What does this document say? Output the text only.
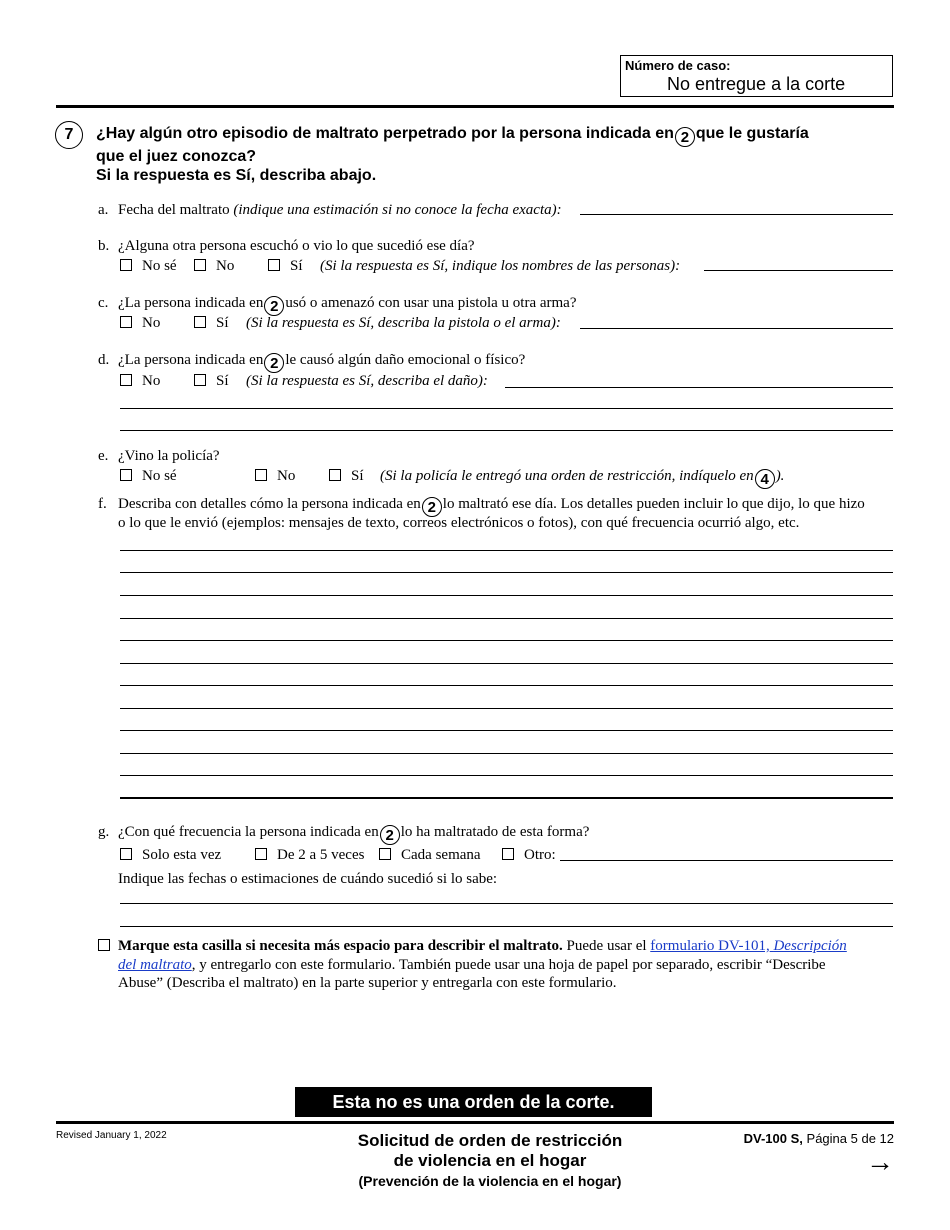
Número de caso:
No entregue a la corte
7	¿Hay algún otro episodio de maltrato perpetrado por la persona indicada en 2 que le gustaría
que el juez conozca?
Si la respuesta es Sí, describa abajo.
a. Fecha del maltrato (indique una estimación si no conoce la fecha exacta):
b. ¿Alguna otra persona escuchó o vio lo que sucedió ese día?
No sé	No	Sí (Si la respuesta es Sí, indique los nombres de las personas):
c. ¿La persona indicada en 2 usó o amenazó con usar una pistola u otra arma?
No	Sí (Si la respuesta es Sí, describa la pistola o el arma):
d. ¿La persona indicada en 2 le causó algún daño emocional o físico?
No	Sí (Si la respuesta es Sí, describa el daño):
e. ¿Vino la policía?
No sé	No	Sí (Si la policía le entregó una orden de restricción, indíquelo en 4 ).
f. Describa con detalles cómo la persona indicada en 2 lo maltrató ese día. Los detalles pueden incluir lo que dijo, lo que hizo
o lo que le envió (ejemplos: mensajes de texto, correos electrónicos o fotos), con qué frecuencia ocurrió algo, etc.
g. ¿Con qué frecuencia la persona indicada en 2 lo ha maltratado de esta forma?
Solo esta vez	De 2 a 5 veces Cada semana	Otro:
Indique las fechas o estimaciones de cuándo sucedió si lo sabe:
Marque esta casilla si necesita más espacio para describir el maltrato. Puede usar el formulario DV-101, Descripción
del maltrato, y entregarlo con este formulario. También puede usar una hoja de papel por separado, escribir “Describe
Abuse” (Describa el maltrato) en la parte superior y entregarla con este formulario.
Esta no es una orden de la corte.
Revised January 1, 2022	Solicitud de orden de restricción
de violencia en el hogar
(Prevención de la violencia en el hogar)
DV-100 S, Página 5 de 12
→
